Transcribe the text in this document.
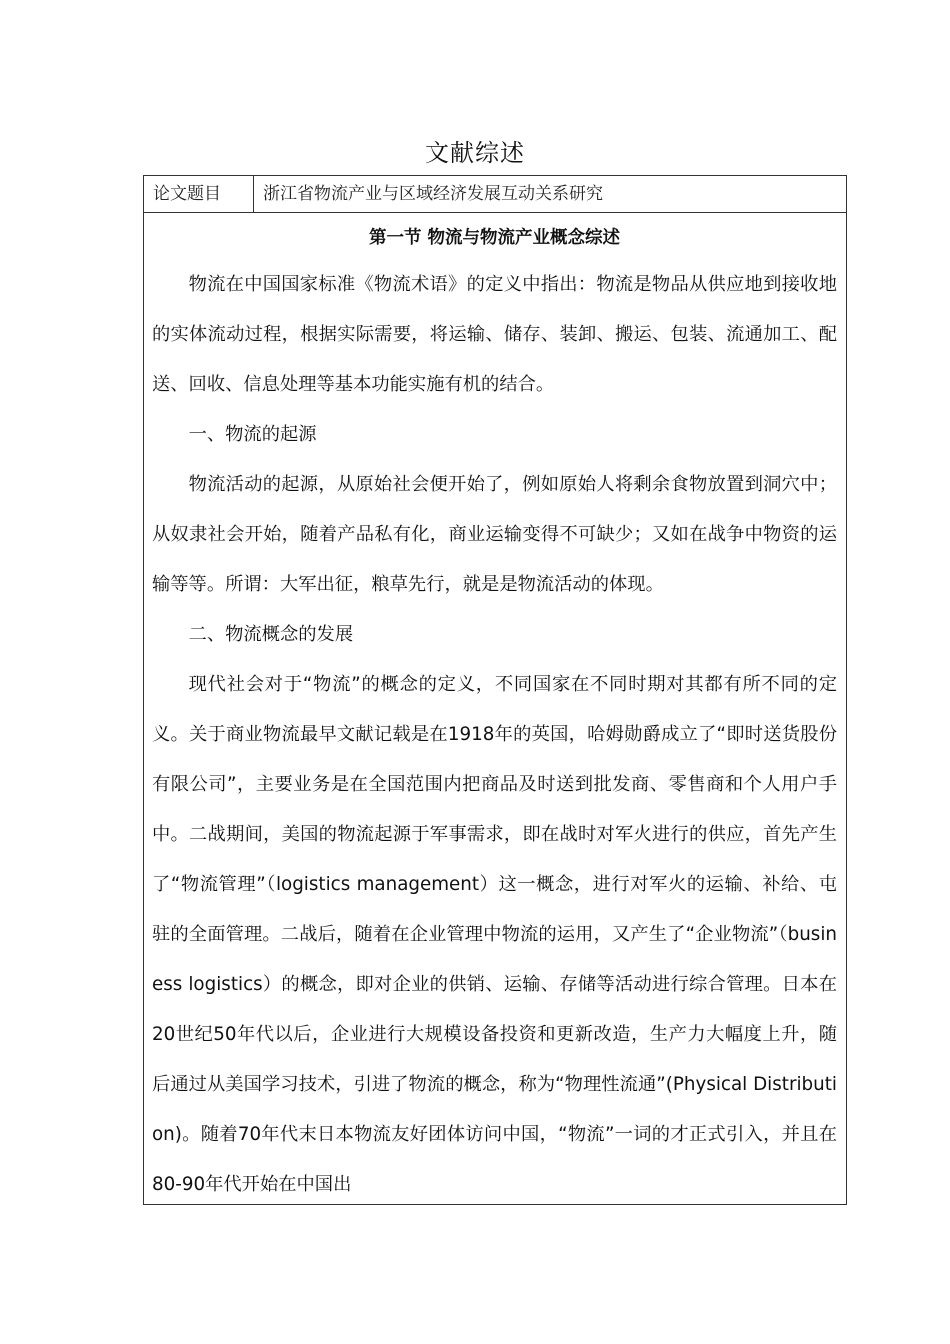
文献综述
论文题目	浙江省物流产业与区域经济发展互动关系研究
第一节 物流与物流产业概念综述

物流在中国国家标准《物流术语》的定义中指出：物流是物品从供应地到接收地的实体流动过程，根据实际需要，将运输、储存、装卸、搬运、包装、流通加工、配送、回收、信息处理等基本功能实施有机的结合。

一、物流的起源

物流活动的起源，从原始社会便开始了，例如原始人将剩余食物放置到洞穴中；从奴隶社会开始，随着产品私有化，商业运输变得不可缺少；又如在战争中物资的运输等等。所谓：大军出征，粮草先行，就是是物流活动的体现。

二、物流概念的发展

现代社会对于“物流”的概念的定义，不同国家在不同时期对其都有所不同的定义。关于商业物流最早文献记载是在1918年的英国，哈姆勋爵成立了“即时送货股份有限公司”，主要业务是在全国范围内把商品及时送到批发商、零售商和个人用户手中。二战期间，美国的物流起源于军事需求，即在战时对军火进行的供应，首先产生了“物流管理”（logistics management）这一概念，进行对军火的运输、补给、屯驻的全面管理。二战后，随着在企业管理中物流的运用，又产生了“企业物流”（business logistics）的概念，即对企业的供销、运输、存储等活动进行综合管理。日本在20世纪50年代以后，企业进行大规模设备投资和更新改造，生产力大幅度上升，随后通过从美国学习技术，引进了物流的概念，称为“物理性流通”(Physical Distribution)。随着70年代末日本物流友好团体访问中国，“物流”一词的才正式引入，并且在80-90年代开始在中国出
